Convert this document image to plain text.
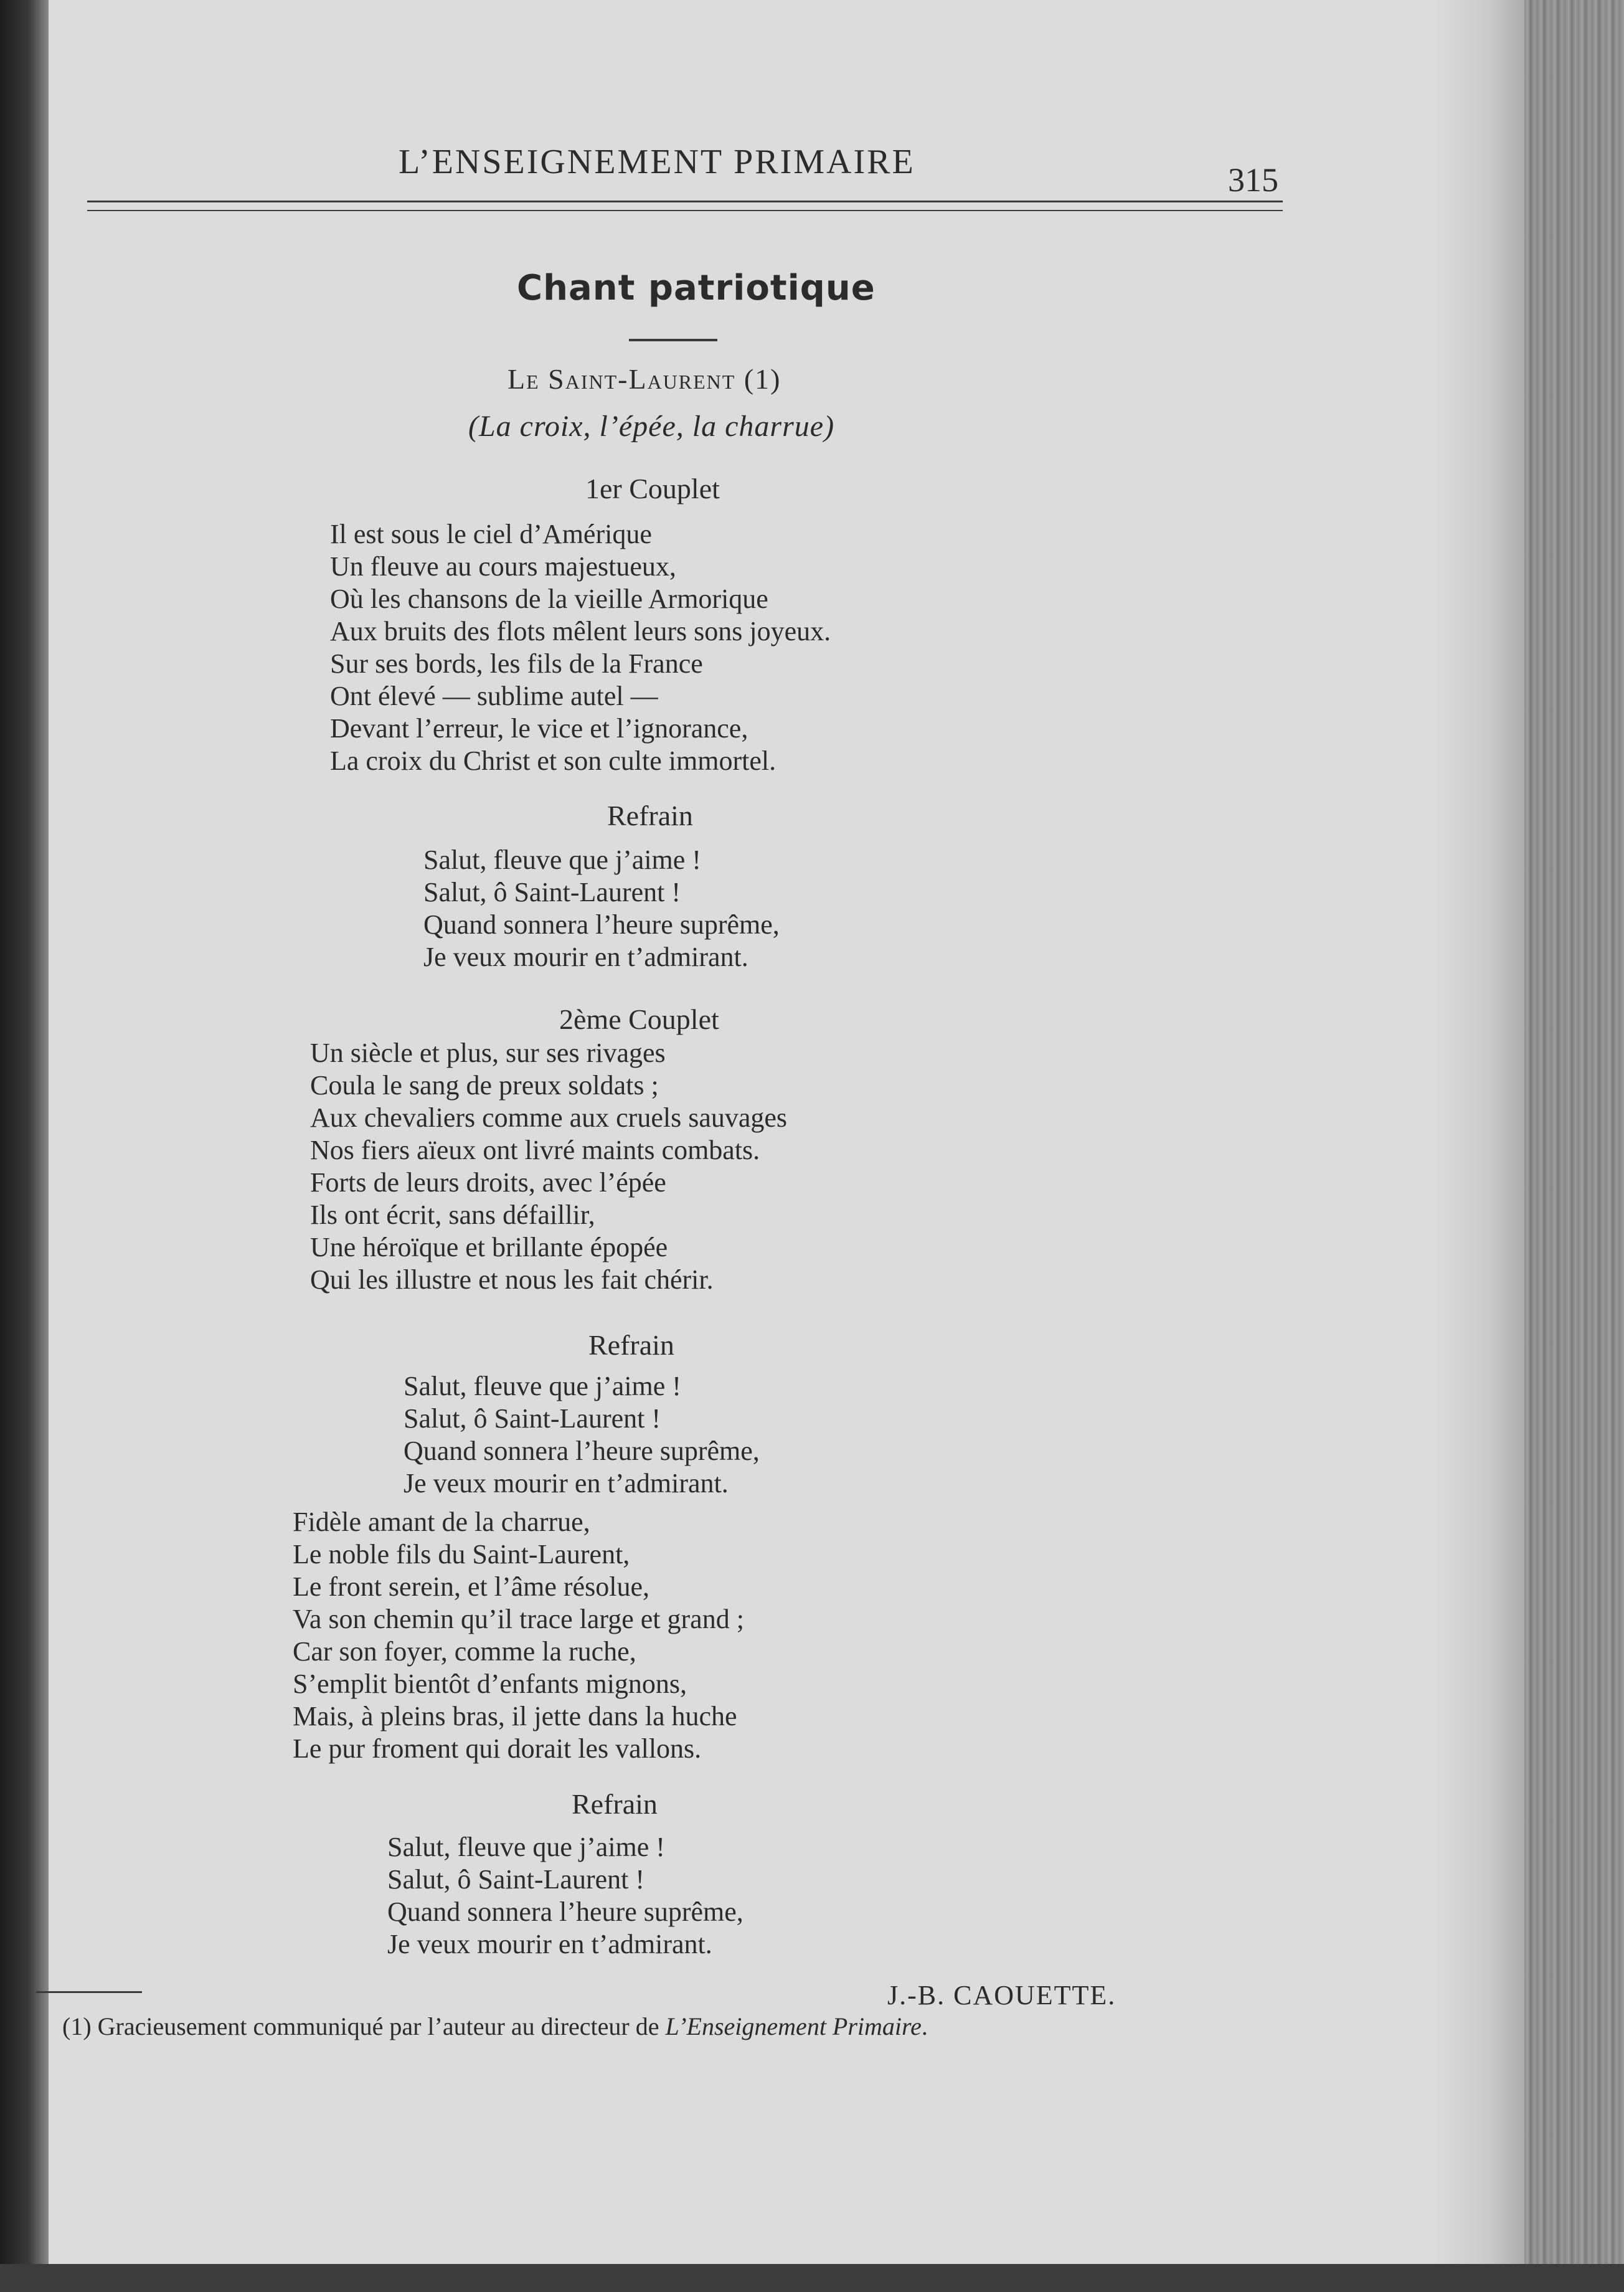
L’ENSEIGNEMENT PRIMAIRE	315
Chant patriotique
Le Saint-Laurent (1)
(La croix, l’épée, la charrue)
1er Couplet
Il est sous le ciel d’Amérique
Un fleuve au cours majestueux,
Où les chansons de la vieille Armorique
Aux bruits des flots mêlent leurs sons joyeux.
Sur ses bords, les fils de la France
Ont élevé — sublime autel —
Devant l’erreur, le vice et l’ignorance,
La croix du Christ et son culte immortel.
Refrain
Salut, fleuve que j’aime !
Salut, ô Saint-Laurent !
Quand sonnera l’heure suprême,
Je veux mourir en t’admirant.
2ème Couplet
Un siècle et plus, sur ses rivages
Coula le sang de preux soldats ;
Aux chevaliers comme aux cruels sauvages
Nos fiers aïeux ont livré maints combats.
Forts de leurs droits, avec l’épée
Ils ont écrit, sans défaillir,
Une héroïque et brillante épopée
Qui les illustre et nous les fait chérir.
Refrain
Salut, fleuve que j’aime !
Salut, ô Saint-Laurent !
Quand sonnera l’heure suprême,
Je veux mourir en t’admirant.
Fidèle amant de la charrue,
Le noble fils du Saint-Laurent,
Le front serein, et l’âme résolue,
Va son chemin qu’il trace large et grand ;
Car son foyer, comme la ruche,
S’emplit bientôt d’enfants mignons,
Mais, à pleins bras, il jette dans la huche
Le pur froment qui dorait les vallons.
Refrain
Salut, fleuve que j’aime !
Salut, ô Saint-Laurent !
Quand sonnera l’heure suprême,
Je veux mourir en t’admirant.
J.-B. CAOUETTE.
(1) Gracieusement communiqué par l’auteur au directeur de L’Enseignement Primaire.
